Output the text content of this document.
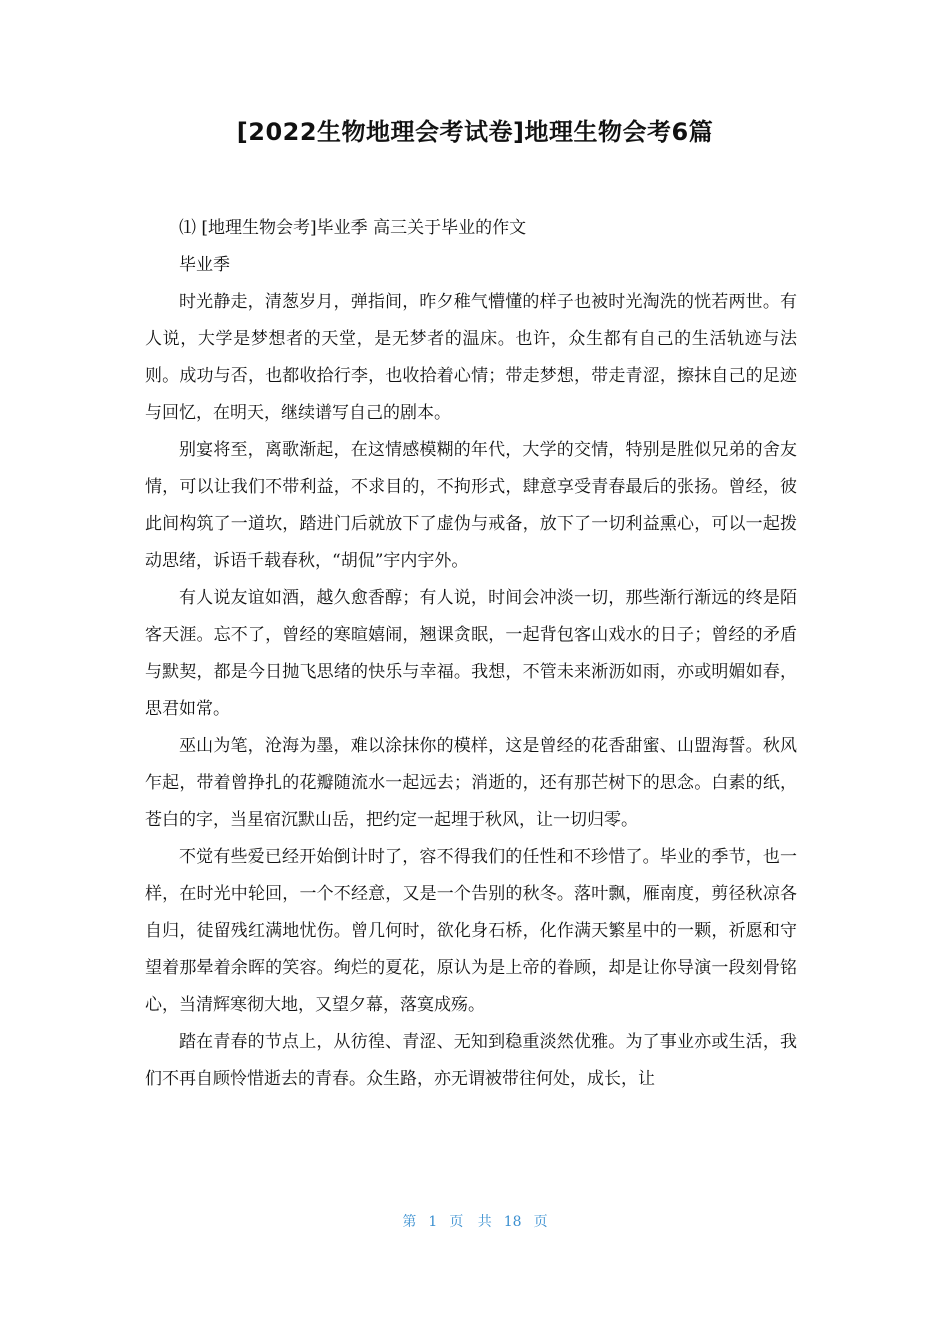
[2022生物地理会考试卷]地理生物会考6篇

⑴ [地理生物会考]毕业季 高三关于毕业的作文

毕业季

时光静走，清葱岁月，弹指间，昨夕稚气懵懂的样子也被时光淘洗的恍若两世。有人说，大学是梦想者的天堂，是无梦者的温床。也许，众生都有自己的生活轨迹与法则。成功与否，也都收拾行李，也收拾着心情；带走梦想，带走青涩，擦抹自己的足迹与回忆，在明天，继续谱写自己的剧本。

别宴将至，离歌渐起，在这情感模糊的年代，大学的交情，特别是胜似兄弟的舍友情，可以让我们不带利益，不求目的，不拘形式，肆意享受青春最后的张扬。曾经，彼此间构筑了一道坎，踏进门后就放下了虚伪与戒备，放下了一切利益熏心，可以一起拨动思绪，诉语千载春秋，“胡侃”宇内宇外。

有人说友谊如酒，越久愈香醇；有人说，时间会冲淡一切，那些渐行渐远的终是陌客天涯。忘不了，曾经的寒暄嬉闹，翘课贪眠，一起背包客山戏水的日子；曾经的矛盾与默契，都是今日抛飞思绪的快乐与幸福。我想，不管未来淅沥如雨，亦或明媚如春，思君如常。

巫山为笔，沧海为墨，难以涂抹你的模样，这是曾经的花香甜蜜、山盟海誓。秋风乍起，带着曾挣扎的花瓣随流水一起远去；消逝的，还有那芒树下的思念。白素的纸，苍白的字，当星宿沉默山岳，把约定一起埋于秋风，让一切归零。

不觉有些爱已经开始倒计时了，容不得我们的任性和不珍惜了。毕业的季节，也一样，在时光中轮回，一个不经意，又是一个告别的秋冬。落叶飘，雁南度，剪径秋凉各自归，徒留残红满地忧伤。曾几何时，欲化身石桥，化作满天繁星中的一颗，祈愿和守望着那晕着余晖的笑容。绚烂的夏花，原认为是上帝的眷顾，却是让你导演一段刻骨铭心，当清辉寒彻大地，又望夕幕，落寞成殇。

踏在青春的节点上，从彷徨、青涩、无知到稳重淡然优雅。为了事业亦或生活，我们不再自顾怜惜逝去的青春。众生路，亦无谓被带往何处，成长，让

第 1 页 共 18 页
